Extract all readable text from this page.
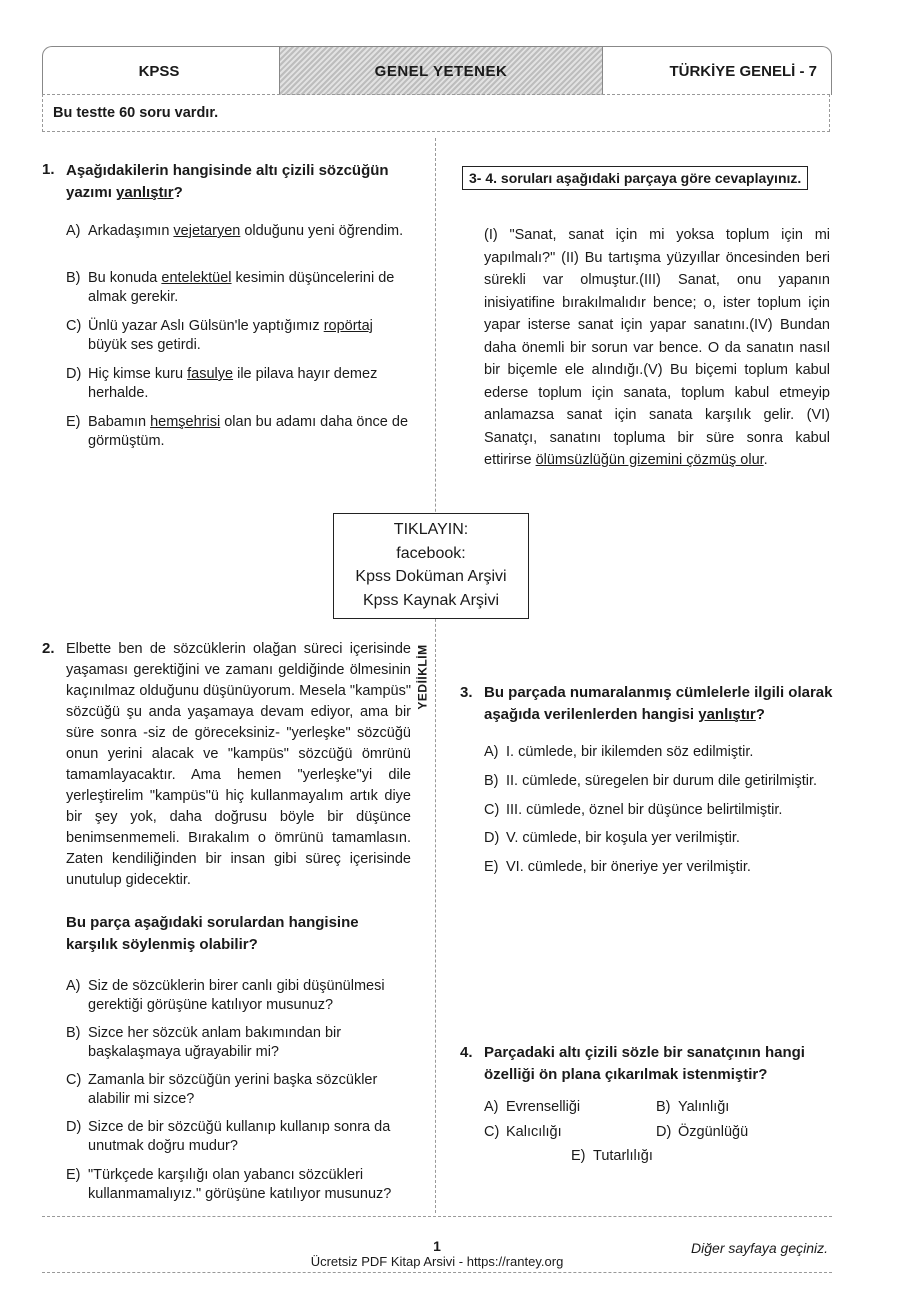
KPSS	GENEL YETENEK	TÜRKİYE GENELİ - 7
Bu testte 60 soru vardır.
1. Aşağıdakilerin hangisinde altı çizili sözcüğün yazımı yanlıştır?
A) Arkadaşımın vejetaryen olduğunu yeni öğrendim.
B) Bu konuda entelektüel kesimin düşüncelerini de almak gerekir.
C) Ünlü yazar Aslı Gülsün'le yaptığımız ropörtaj büyük ses getirdi.
D) Hiç kimse kuru fasulye ile pilava hayır demez herhalde.
E) Babamın hemşehrisi olan bu adamı daha önce de görmüştüm.
3- 4. soruları aşağıdaki parçaya göre cevaplayınız.
(I) "Sanat, sanat için mi yoksa toplum için mi yapılmalı?" (II) Bu tartışma yüzyıllar öncesinden beri sürekli var olmuştur.(III) Sanat, onu yapanın inisiyatifine bırakılmalıdır bence; o, ister toplum için yapar isterse sanat için yapar sanatını.(IV) Bundan daha önemli bir sorun var bence. O da sanatın nasıl bir biçemle ele alındığı.(V) Bu biçemi toplum kabul ederse toplum için sanata, toplum kabul etmeyip anlamazsa sanat için sanata karşılık gelir. (VI) Sanatçı, sanatını topluma bir süre sonra kabul ettirirse ölümsüzlüğün gizemini çözmüş olur.
TIKLAYIN:
facebook:
Kpss Doküman Arşivi
Kpss Kaynak Arşivi
YEDİİKLİM
2. Elbette ben de sözcüklerin olağan süreci içerisinde yaşaması gerektiğini ve zamanı geldiğinde ölmesinin kaçınılmaz olduğunu düşünüyorum. Mesela "kampüs" sözcüğü şu anda yaşamaya devam ediyor, ama bir süre sonra -siz de göreceksiniz- "yerleşke" sözcüğü onun yerini alacak ve "kampüs" sözcüğü ömrünü tamamlayacaktır. Ama hemen "yerleşke"yi dile yerleştirelim "kampüs"ü hiç kullanmayalım artık diye bir şey yok, daha doğrusu böyle bir düşünce benimsenmemeli. Bırakalım o ömrünü tamamlasın. Zaten kendiliğinden bir insan gibi süreç içerisinde unutulup gidecektir.
Bu parça aşağıdaki sorulardan hangisine karşılık söylenmiş olabilir?
A) Siz de sözcüklerin birer canlı gibi düşünülmesi gerektiği görüşüne katılıyor musunuz?
B) Sizce her sözcük anlam bakımından bir başkalaşmaya uğrayabilir mi?
C) Zamanla bir sözcüğün yerini başka sözcükler alabilir mi sizce?
D) Sizce de bir sözcüğü kullanıp kullanıp sonra da unutmak doğru mudur?
E) "Türkçede karşılığı olan yabancı sözcükleri kullanmamalıyız." görüşüne katılıyor musunuz?
3. Bu parçada numaralanmış cümlelerle ilgili olarak aşağıda verilenlerden hangisi yanlıştır?
A) I. cümlede, bir ikilemden söz edilmiştir.
B) II. cümlede, süregelen bir durum dile getirilmiştir.
C) III. cümlede, öznel bir düşünce belirtilmiştir.
D) V. cümlede, bir koşula yer verilmiştir.
E) VI. cümlede, bir öneriye yer verilmiştir.
4. Parçadaki altı çizili sözle bir sanatçının hangi özelliği ön plana çıkarılmak istenmiştir?
A) Evrenselliği	B) Yalınlığı
C) Kalıcılığı	D) Özgünlüğü
E) Tutarlılığı
1
Ücretsiz PDF Kitap Arsivi - https://rantey.org
Diğer sayfaya geçiniz.
